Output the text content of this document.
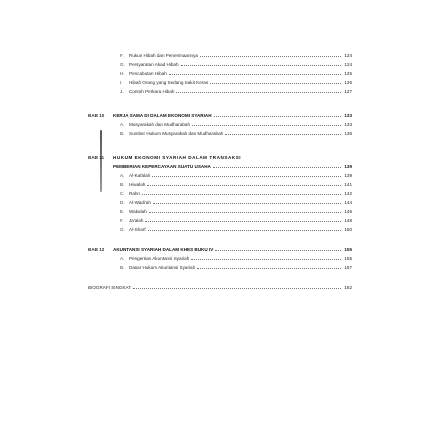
F.	Rukun Hibah dan Penerimaannya	124
G. Persyaratan Akad Hibah	124
H. Pencabutan Hibah	125
I.	Hibah Orang yang Sedang Sakit Keras	126
J.	Contoh Perkara Hibah	127
BAB 10 KERJA SAMA DI DALAM EKONOMI SYARIAH	133
A.	Musyarakah dan Mudharabah	133
B.	Sumber Hukum Musyarakah dan Mudharabah	136
BAB 11 HUKUM EKONOMI SYARIAH DALAM TRANSAKSI
PEMBERIAN KEPERCAYAAN SUATU USAHA	139
A.	Al-Kafalah	139
B.	Hiwalah	141
C. Rahn	142
D. Al-Wadi'ah	144
E.	Wakalah	145
F.	Ja'alah	148
G. Al-Sharf	150
BAB 12 AKUNTANSI SYARIAH DALAM KHES BUKU IV	155
A.	Pengertian Akuntansi Syariah	155
B.	Dasar Hukum Akuntansi Syariah	157
BIOGRAFI SINGKAT	162
